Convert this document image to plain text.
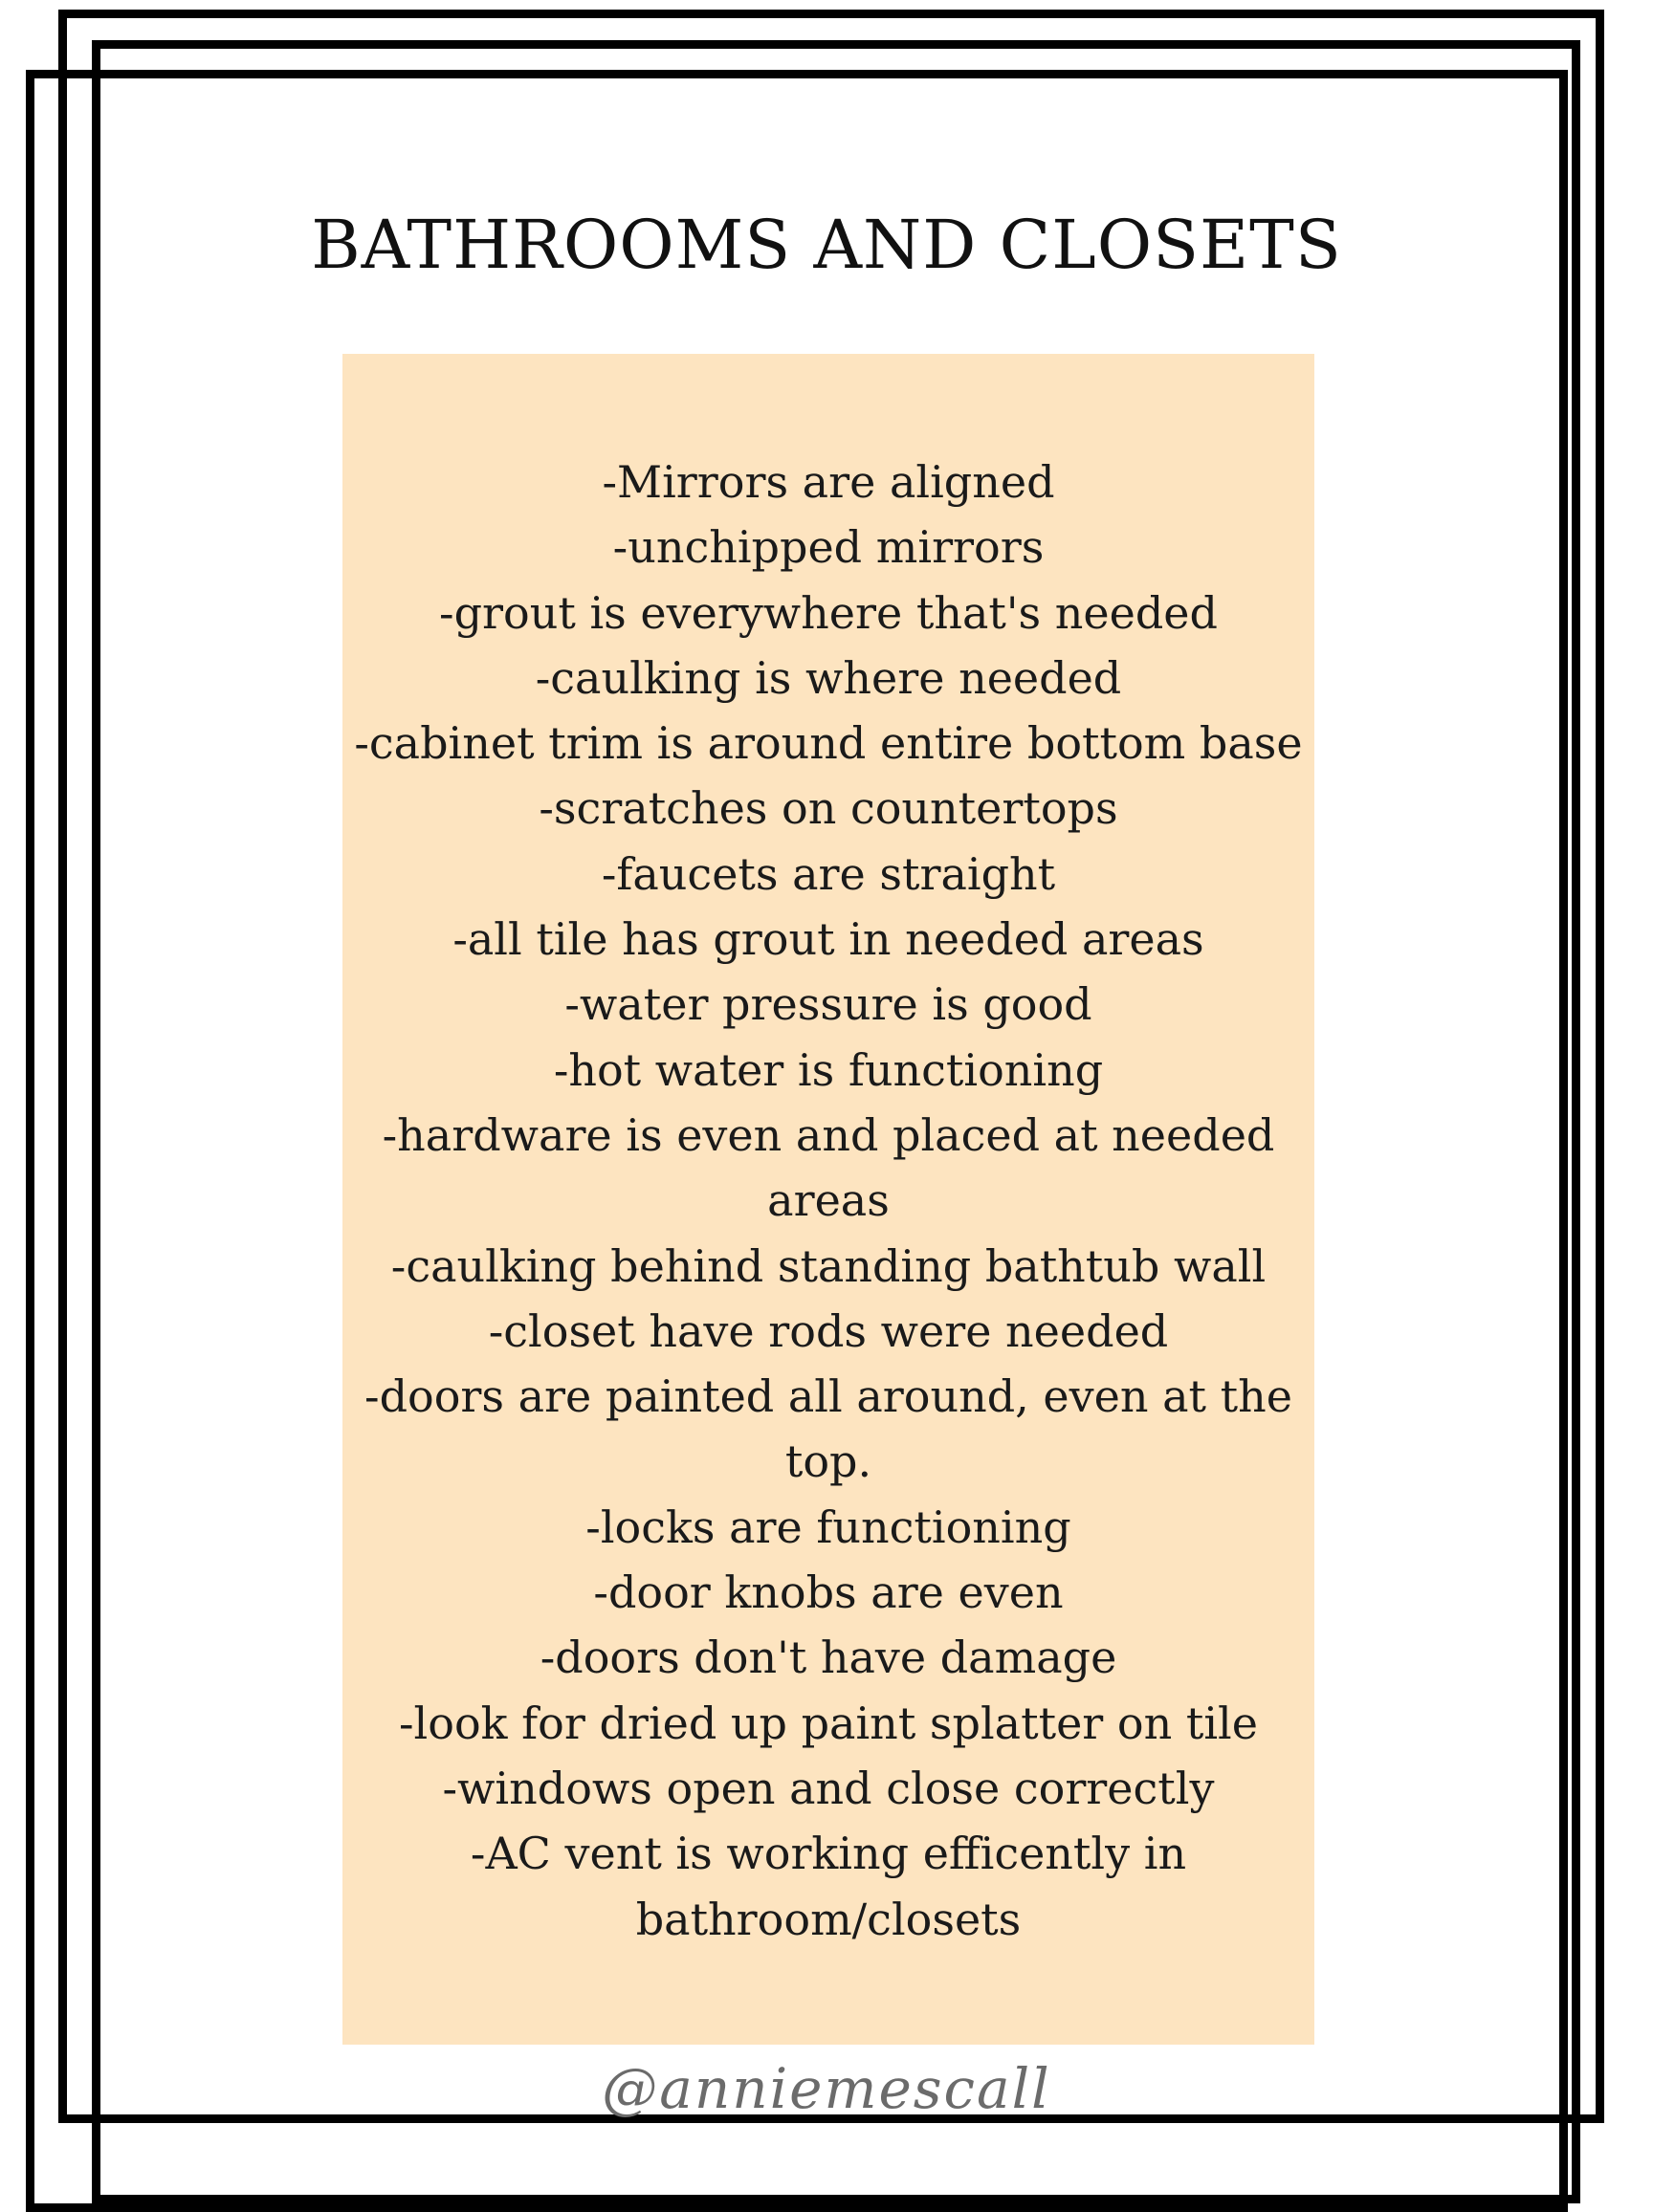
BATHROOMS AND CLOSETS
-Mirrors are aligned
-unchipped mirrors
-grout is everywhere that's needed
-caulking is where needed
-cabinet trim is around entire bottom base
-scratches on countertops
-faucets are straight
-all tile has grout in needed areas
-water pressure is good
-hot water is functioning
-hardware is even and placed at needed areas
-caulking behind standing bathtub wall
-closet have rods were needed
-doors are painted all around, even at the top.
-locks are functioning
-door knobs are even
-doors don't have damage
-look for dried up paint splatter on tile
-windows open and close correctly
-AC vent is working efficently in bathroom/closets
@anniemescall
